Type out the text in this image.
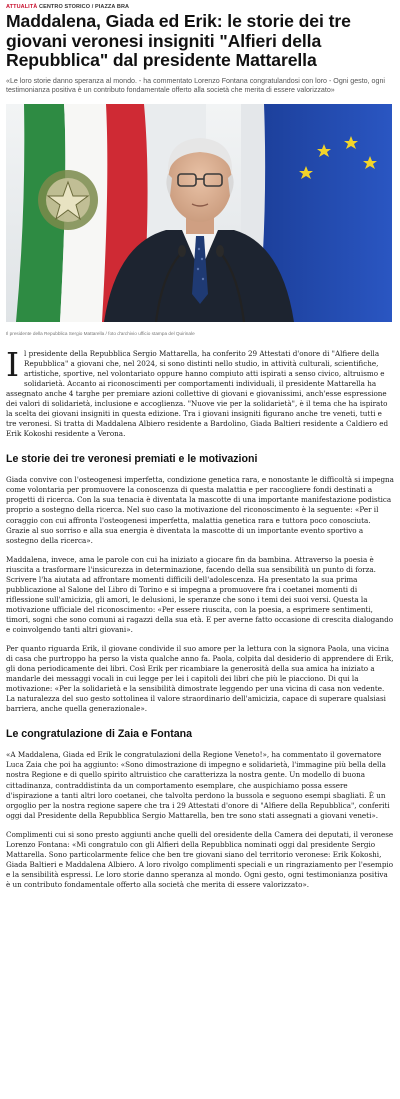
ATTUALITÀ CENTRO STORICO / PIAZZA BRA
Maddalena, Giada ed Erik: le storie dei tre giovani veronesi insigniti "Alfieri della Repubblica" dal presidente Mattarella

«Le loro storie danno speranza al mondo. - ha commentato Lorenzo Fontana congratulandosi con loro - Ogni gesto, ogni testimonianza positiva è un contributo fondamentale offerto alla società che merita di essere valorizzato»

Il presidente della Repubblica Sergio Mattarella / foto d'archivio ufficio stampa del Quirinale

I l presidente della Repubblica Sergio Mattarella, ha conferito 29 Attestati d'onore di "Alfiere della Repubblica" a giovani che, nel 2024, si sono distinti nello studio, in attività culturali, scientifiche, artistiche, sportive, nel volontariato oppure hanno compiuto atti ispirati a senso civico, altruismo e solidarietà. Accanto ai riconoscimenti per comportamenti individuali, il presidente Mattarella ha assegnato anche 4 targhe per premiare azioni collettive di giovani e giovanissimi, anch'esse espressione dei valori di solidarietà, inclusione e accoglienza. "Nuove vie per la solidarietà", è il tema che ha ispirato la scelta dei giovani insigniti in questa edizione. Tra i giovani insigniti figurano anche tre veneti, tutti e tre veronesi. Si tratta di Maddalena Albiero residente a Bardolino, Giada Baltieri residente a Caldiero ed Erik Kokoshi residente a Verona.

Le storie dei tre veronesi premiati e le motivazioni

Giada convive con l'osteogenesi imperfetta, condizione genetica rara, e nonostante le difficoltà si impegna come volontaria per promuovere la conoscenza di questa malattia e per raccogliere fondi destinati a progetti di ricerca. Con la sua tenacia è diventata la mascotte di una importante manifestazione podistica proprio a sostegno della ricerca. Nel suo caso la motivazione del riconoscimento è la seguente: «Per il coraggio con cui affronta l'osteogenesi imperfetta, malattia genetica rara e tuttora poco conosciuta. Grazie al suo sorriso e alla sua energia è diventata la mascotte di un importante evento sportivo a sostegno della ricerca».

Maddalena, invece, ama le parole con cui ha iniziato a giocare fin da bambina. Attraverso la poesia è riuscita a trasformare l'insicurezza in determinazione, facendo della sua sensibilità un punto di forza. Scrivere l'ha aiutata ad affrontare momenti difficili dell'adolescenza. Ha presentato la sua prima pubblicazione al Salone del Libro di Torino e si impegna a promuovere fra i coetanei momenti di riflessione sull'amicizia, gli amori, le delusioni, le speranze che sono i temi dei suoi versi. Questa la motivazione ufficiale del riconoscimento: «Per essere riuscita, con la poesia, a esprimere sentimenti, timori, sogni che sono comuni ai ragazzi della sua età. E per averne fatto occasione di crescita dialogando e coinvolgendo tanti altri giovani».

Per quanto riguarda Erik, il giovane condivide il suo amore per la lettura con la signora Paola, una vicina di casa che purtroppo ha perso la vista qualche anno fa. Paola, colpita dal desiderio di apprendere di Erik, gli dona periodicamente dei libri. Così Erik per ricambiare la generosità della sua amica ha iniziato a mandarle dei messaggi vocali in cui legge per lei i capitoli dei libri che più le piacciono. Di qui la motivazione: «Per la solidarietà e la sensibilità dimostrate leggendo per una vicina di casa non vedente. La naturalezza del suo gesto sottolinea il valore straordinario dell'amicizia, capace di superare qualsiasi barriera, anche quella generazionale».

Le congratulazione di Zaia e Fontana

«A Maddalena, Giada ed Erik le congratulazioni della Regione Veneto!», ha commentato il governatore Luca Zaia che poi ha aggiunto: «Sono dimostrazione di impegno e solidarietà, l'immagine più bella della nostra Regione e di quello spirito altruistico che caratterizza la nostra gente. Un modello di buona cittadinanza, contraddistinta da un comportamento esemplare, che auspichiamo possa essere d'ispirazione a tanti altri loro coetanei, che talvolta perdono la bussola e seguono esempi sbagliati. È un orgoglio per la nostra regione sapere che tra i 29 Attestati d'onore di "Alfiere della Repubblica", conferiti oggi dal Presidente della Repubblica Sergio Mattarella, ben tre sono stati assegnati a giovani veneti».

Complimenti cui si sono presto aggiunti anche quelli del oresidente della Camera dei deputati, il veronese Lorenzo Fontana: «Mi congratulo con gli Alfieri della Repubblica nominati oggi dal presidente Sergio Mattarella. Sono particolarmente felice che ben tre giovani siano del territorio veronese: Erik Kokoshi, Giada Baltieri e Maddalena Albiero. A loro rivolgo complimenti speciali e un ringraziamento per l'esempio e la sensibilità espressi. Le loro storie danno speranza al mondo. Ogni gesto, ogni testimonianza positiva è un contributo fondamentale offerto alla società che merita di essere valorizzato».
